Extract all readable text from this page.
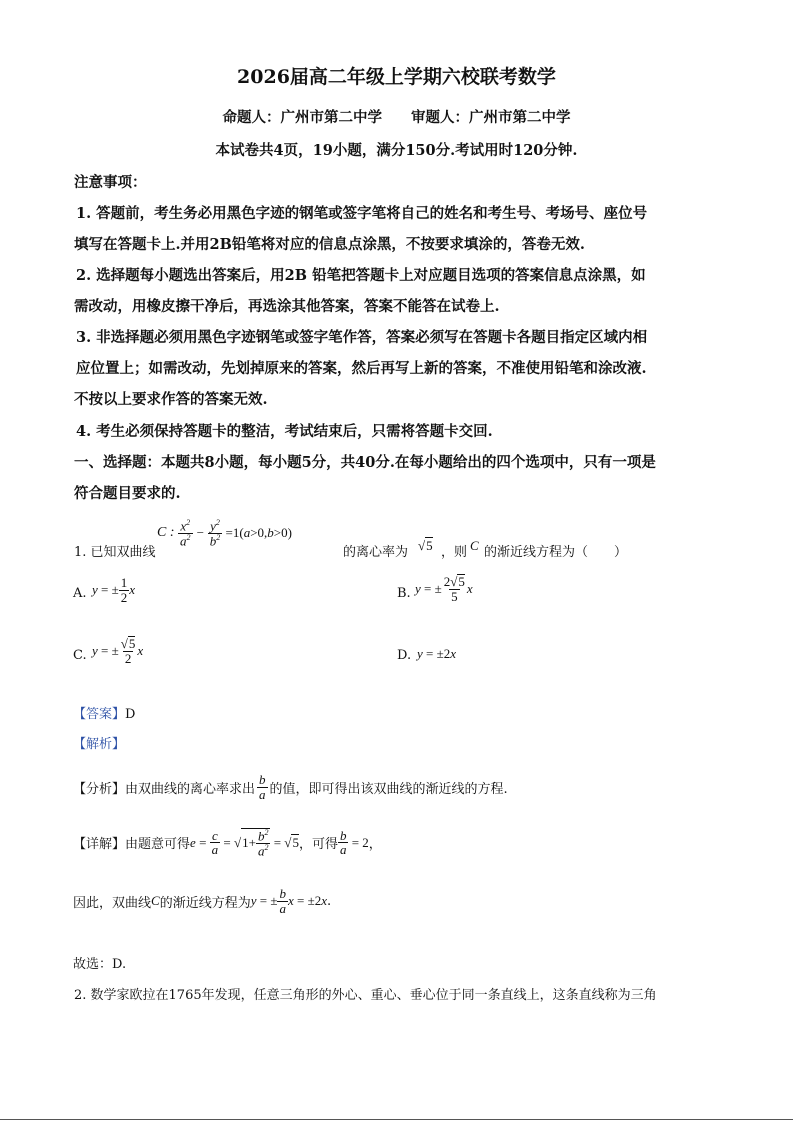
2026届高二年级上学期六校联考数学
命题人：广州市第二中学　　审题人：广州市第二中学
本试卷共4页，19小题，满分150分.考试用时120分钟.
注意事项：
1. 答题前，考生务必用黑色字迹的钢笔或签字笔将自己的姓名和考生号、考场号、座位号
填写在答题卡上.并用2B铅笔将对应的信息点涂黑，不按要求填涂的，答卷无效.
2. 选择题每小题选出答案后，用2B 铅笔把答题卡上对应题目选项的答案信息点涂黑，如
需改动，用橡皮擦干净后，再选涂其他答案，答案不能答在试卷上.
3. 非选择题必须用黑色字迹钢笔或签字笔作答，答案必须写在答题卡各题目指定区域内相
应位置上；如需改动，先划掉原来的答案，然后再写上新的答案，不准使用铅笔和涂改液.
不按以上要求作答的答案无效.
4. 考生必须保持答题卡的整洁，考试结束后，只需将答题卡交回.
一、选择题：本题共8小题，每小题5分，共40分.在每小题给出的四个选项中，只有一项是
符合题目要求的.
1. 已知双曲线
C : $\frac{x^2}{a^2} - \frac{y^2}{b^2} =1$( a >0, b >0)
的离心率为 √5 ，则 C 的渐近线方程为（　　）
A. y = ± $\frac{1}{2}$ x	B. y = ± $\frac{2√5}{5}$ x
C. y = ± $\frac{√5}{2}$ x	D. y = ±2x
【答案】D
【解析】
【分析】 由双曲线的离心率求出 $\frac{b}{a}$ 的值，即可得出该双曲线的渐近线的方程.
【详解】 由题意可得 $e = \frac{c}{a}$ = √ $1+ \frac{b^2}{a^2}$ = √ 5 ，可得 $\frac{b}{a} = 2$ ，
因此，双曲线 C 的渐近线方程为 y = ± $\frac{b}{a}$ x = ±2 x .
故选：D.
2. 数学家欧拉在1765年发现，任意三角形的外心、重心、垂心位于同一条直线上，这条直线称为三角
